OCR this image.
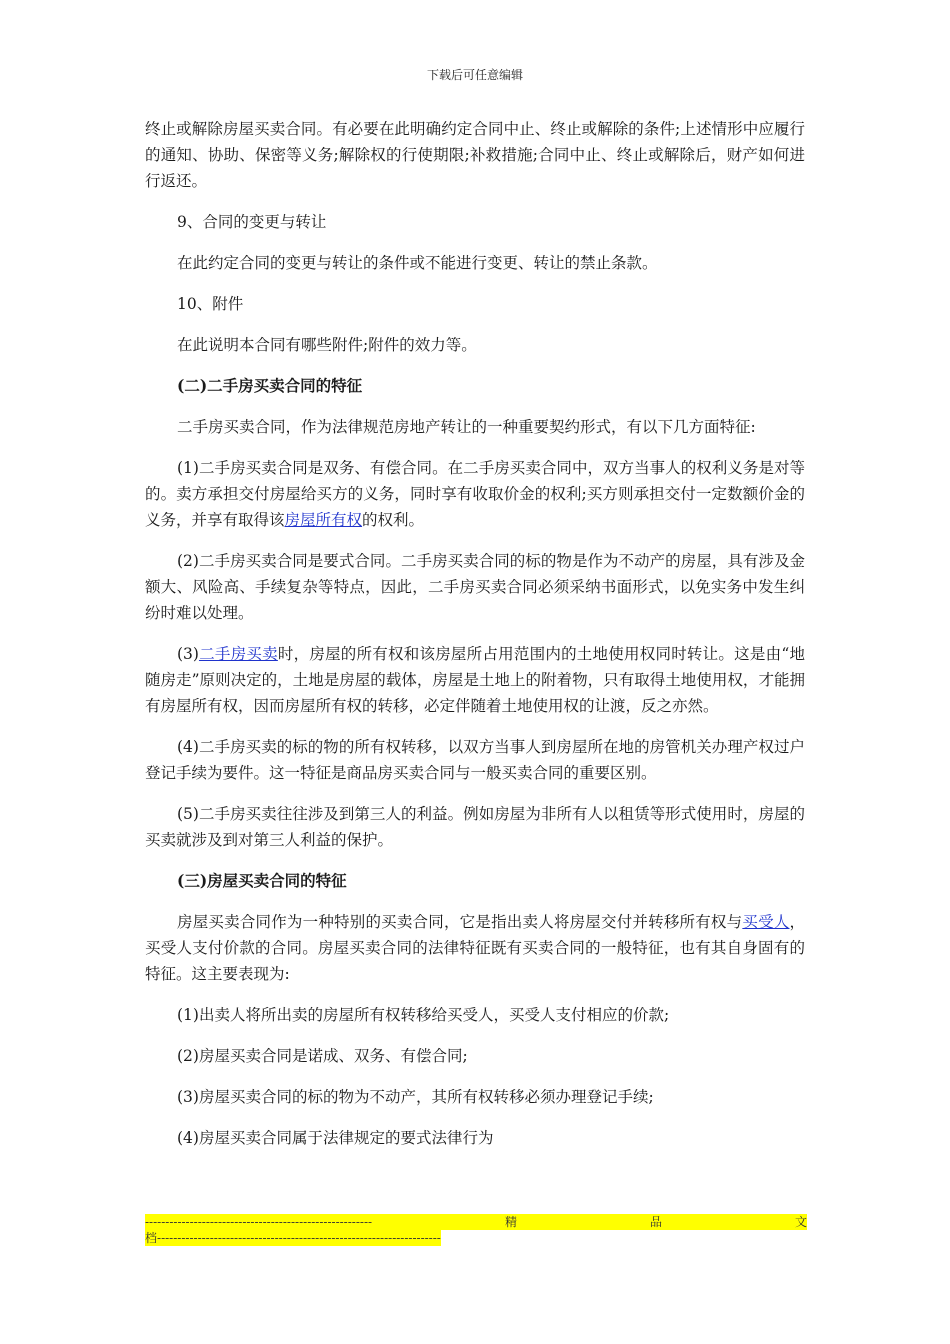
下载后可任意编辑

终止或解除房屋买卖合同。有必要在此明确约定合同中止、终止或解除的条件;上述情形中应履行的通知、协助、保密等义务;解除权的行使期限;补救措施;合同中止、终止或解除后，财产如何进行返还。

9、合同的变更与转让

在此约定合同的变更与转让的条件或不能进行变更、转让的禁止条款。

10、附件

在此说明本合同有哪些附件;附件的效力等。

(二)二手房买卖合同的特征

二手房买卖合同，作为法律规范房地产转让的一种重要契约形式，有以下几方面特征:

(1)二手房买卖合同是双务、有偿合同。在二手房买卖合同中，双方当事人的权利义务是对等的。卖方承担交付房屋给买方的义务，同时享有收取价金的权利;买方则承担交付一定数额价金的义务，并享有取得该房屋所有权的权利。

(2)二手房买卖合同是要式合同。二手房买卖合同的标的物是作为不动产的房屋，具有涉及金额大、风险高、手续复杂等特点，因此，二手房买卖合同必须采纳书面形式，以免实务中发生纠纷时难以处理。

(3)二手房买卖时，房屋的所有权和该房屋所占用范围内的土地使用权同时转让。这是由“地随房走”原则决定的，土地是房屋的载体，房屋是土地上的附着物，只有取得土地使用权，才能拥有房屋所有权，因而房屋所有权的转移，必定伴随着土地使用权的让渡，反之亦然。

(4)二手房买卖的标的物的所有权转移，以双方当事人到房屋所在地的房管机关办理产权过户登记手续为要件。这一特征是商品房买卖合同与一般买卖合同的重要区别。

(5)二手房买卖往往涉及到第三人的利益。例如房屋为非所有人以租赁等形式使用时，房屋的买卖就涉及到对第三人利益的保护。

(三)房屋买卖合同的特征

房屋买卖合同作为一种特别的买卖合同，它是指出卖人将房屋交付并转移所有权与买受人，买受人支付价款的合同。房屋买卖合同的法律特征既有买卖合同的一般特征，也有其自身固有的特征。这主要表现为:

(1)出卖人将所出卖的房屋所有权转移给买受人，买受人支付相应的价款;

(2)房屋买卖合同是诺成、双务、有偿合同;

(3)房屋买卖合同的标的物为不动产，其所有权转移必须办理登记手续;

(4)房屋买卖合同属于法律规定的要式法律行为

--------------------------------------------------------	精	品	文
档----------------------------------------------------------------------
